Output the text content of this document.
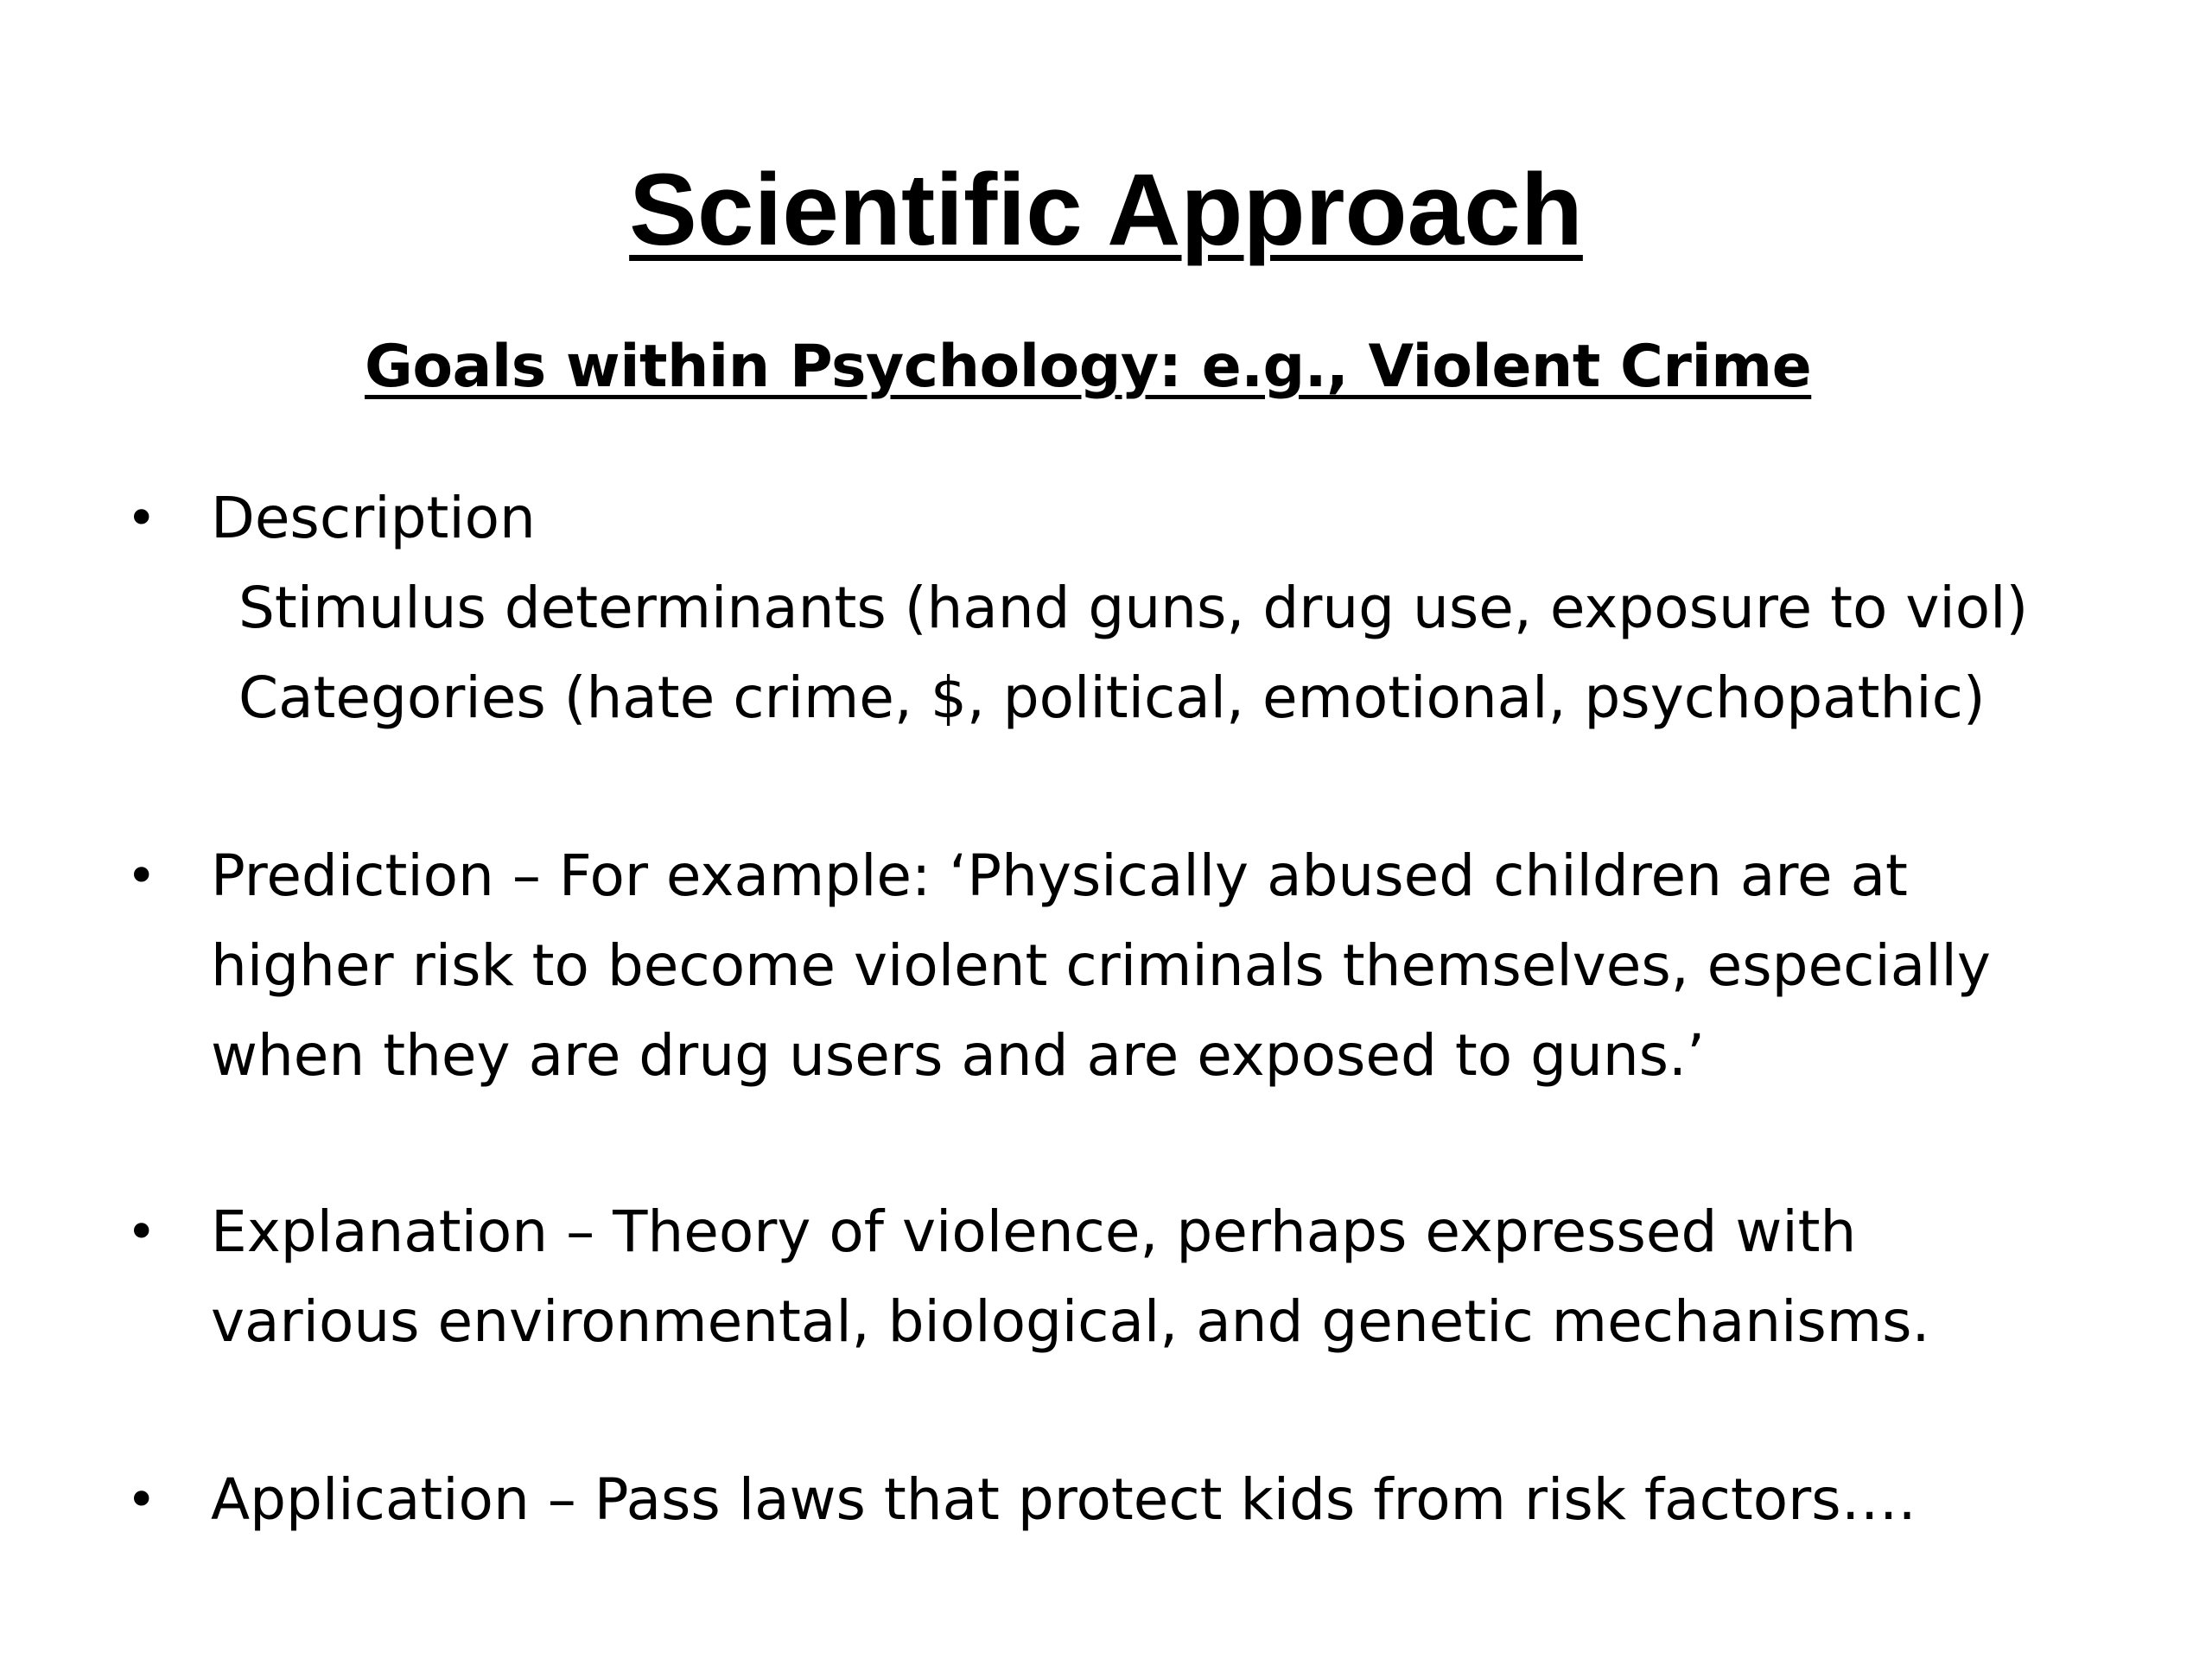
Scientific Approach
Goals within Psychology: e.g., Violent Crime
• Description
Stimulus determinants (hand guns, drug use, exposure to viol)
Categories (hate crime, $, political, emotional, psychopathic)
• Prediction – For example: ‘Physically abused children are at
higher risk to become violent criminals themselves, especially
when they are drug users and are exposed to guns.’
• Explanation – Theory of violence, perhaps expressed with
various environmental, biological, and genetic mechanisms.
• Application – Pass laws that protect kids from risk factors….
